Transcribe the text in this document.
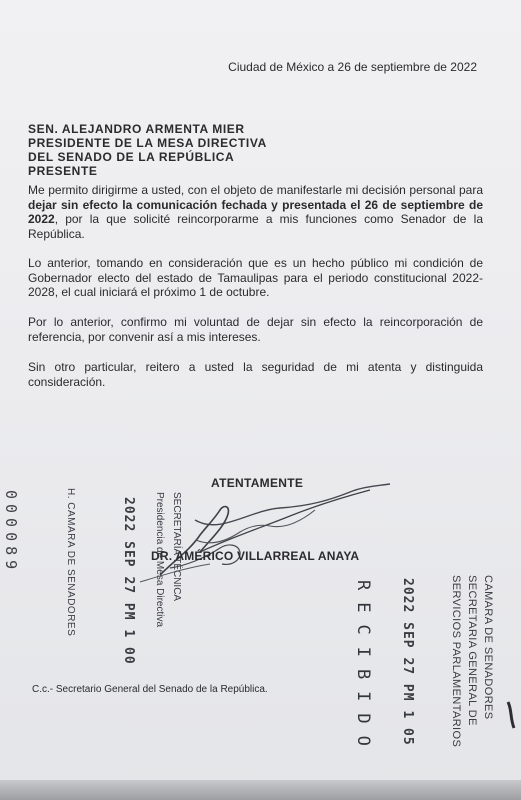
Ciudad de México a 26 de septiembre de 2022
SEN. ALEJANDRO ARMENTA MIER
PRESIDENTE DE LA MESA DIRECTIVA
DEL SENADO DE LA REPÚBLICA
PRESENTE
Me permito dirigirme a usted, con el objeto de manifestarle mi decisión personal para dejar sin efecto la comunicación fechada y presentada el 26 de septiembre de 2022, por la que solicité reincorporarme a mis funciones como Senador de la República.
Lo anterior, tomando en consideración que es un hecho público mi condición de Gobernador electo del estado de Tamaulipas para el periodo constitucional 2022-2028, el cual iniciará el próximo 1 de octubre.
Por lo anterior, confirmo mi voluntad de dejar sin efecto la reincorporación de referencia, por convenir así a mis intereses.
Sin otro particular, reitero a usted la seguridad de mi atenta y distinguida consideración.
ATENTAMENTE
DR. AMÉRICO VILLARREAL ANAYA
000089	H. CAMARA DE SENADORES	2022 SEP 27 PM 1 00 Presidencia de Mesa Directiva SECRETARÍA TÉCNICA
RECIBIDO 2022 SEP 27 PM 1 05	CAMARA DE SENADORES
SECRETARIA GENERAL DE
SERVICIOS PARLAMENTARIOS
C.c.- Secretario General del Senado de la República.
